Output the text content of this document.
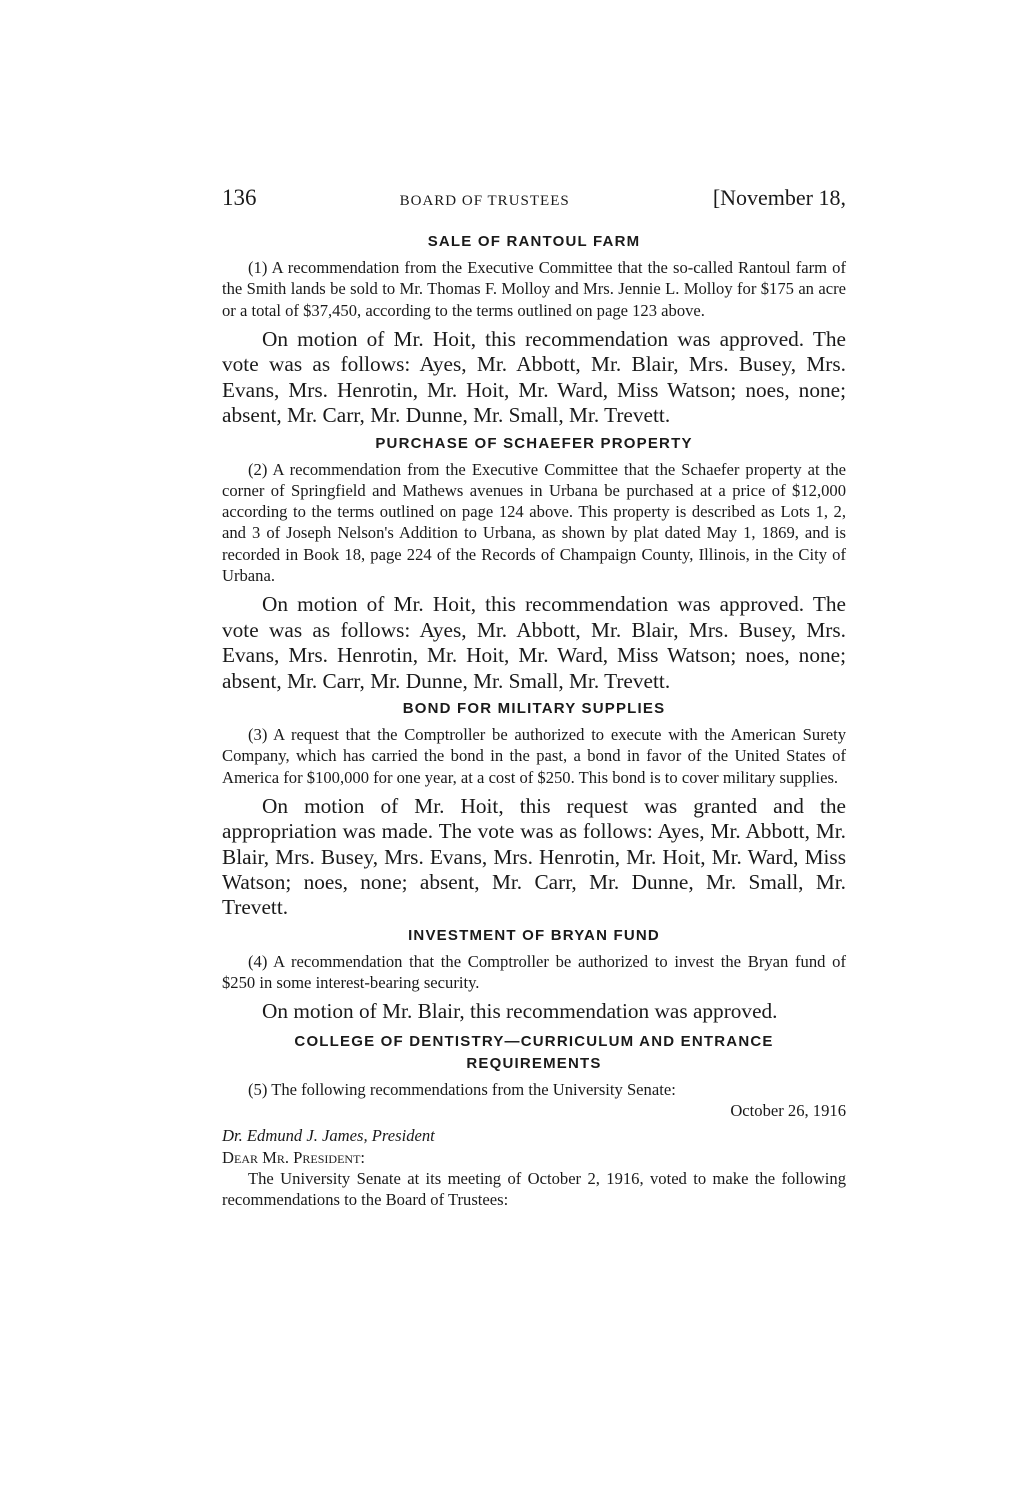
136	BOARD OF TRUSTEES	[November 18,
SALE OF RANTOUL FARM

(1) A recommendation from the Executive Committee that the so-called Rantoul farm of the Smith lands be sold to Mr. Thomas F. Molloy and Mrs. Jennie L. Molloy for $175 an acre or a total of $37,450, according to the terms outlined on page 123 above.

On motion of Mr. Hoit, this recommendation was approved. The vote was as follows: Ayes, Mr. Abbott, Mr. Blair, Mrs. Busey, Mrs. Evans, Mrs. Henrotin, Mr. Hoit, Mr. Ward, Miss Watson; noes, none; absent, Mr. Carr, Mr. Dunne, Mr. Small, Mr. Trevett.

PURCHASE OF SCHAEFER PROPERTY

(2) A recommendation from the Executive Committee that the Schaefer property at the corner of Springfield and Mathews avenues in Urbana be purchased at a price of $12,000 according to the terms outlined on page 124 above. This property is described as Lots 1, 2, and 3 of Joseph Nelson's Addition to Urbana, as shown by plat dated May 1, 1869, and is recorded in Book 18, page 224 of the Records of Champaign County, Illinois, in the City of Urbana.

On motion of Mr. Hoit, this recommendation was approved. The vote was as follows: Ayes, Mr. Abbott, Mr. Blair, Mrs. Busey, Mrs. Evans, Mrs. Henrotin, Mr. Hoit, Mr. Ward, Miss Watson; noes, none; absent, Mr. Carr, Mr. Dunne, Mr. Small, Mr. Trevett.

BOND FOR MILITARY SUPPLIES

(3) A request that the Comptroller be authorized to execute with the American Surety Company, which has carried the bond in the past, a bond in favor of the United States of America for $100,000 for one year, at a cost of $250. This bond is to cover military supplies.

On motion of Mr. Hoit, this request was granted and the appropriation was made. The vote was as follows: Ayes, Mr. Abbott, Mr. Blair, Mrs. Busey, Mrs. Evans, Mrs. Henrotin, Mr. Hoit, Mr. Ward, Miss Watson; noes, none; absent, Mr. Carr, Mr. Dunne, Mr. Small, Mr. Trevett.

INVESTMENT OF BRYAN FUND

(4) A recommendation that the Comptroller be authorized to invest the Bryan fund of $250 in some interest-bearing security.

On motion of Mr. Blair, this recommendation was approved.

COLLEGE OF DENTISTRY—CURRICULUM AND ENTRANCE
REQUIREMENTS

(5) The following recommendations from the University Senate:

October 26, 1916

Dr. Edmund J. James, President

Dear Mr. President:

The University Senate at its meeting of October 2, 1916, voted to make the following recommendations to the Board of Trustees:
